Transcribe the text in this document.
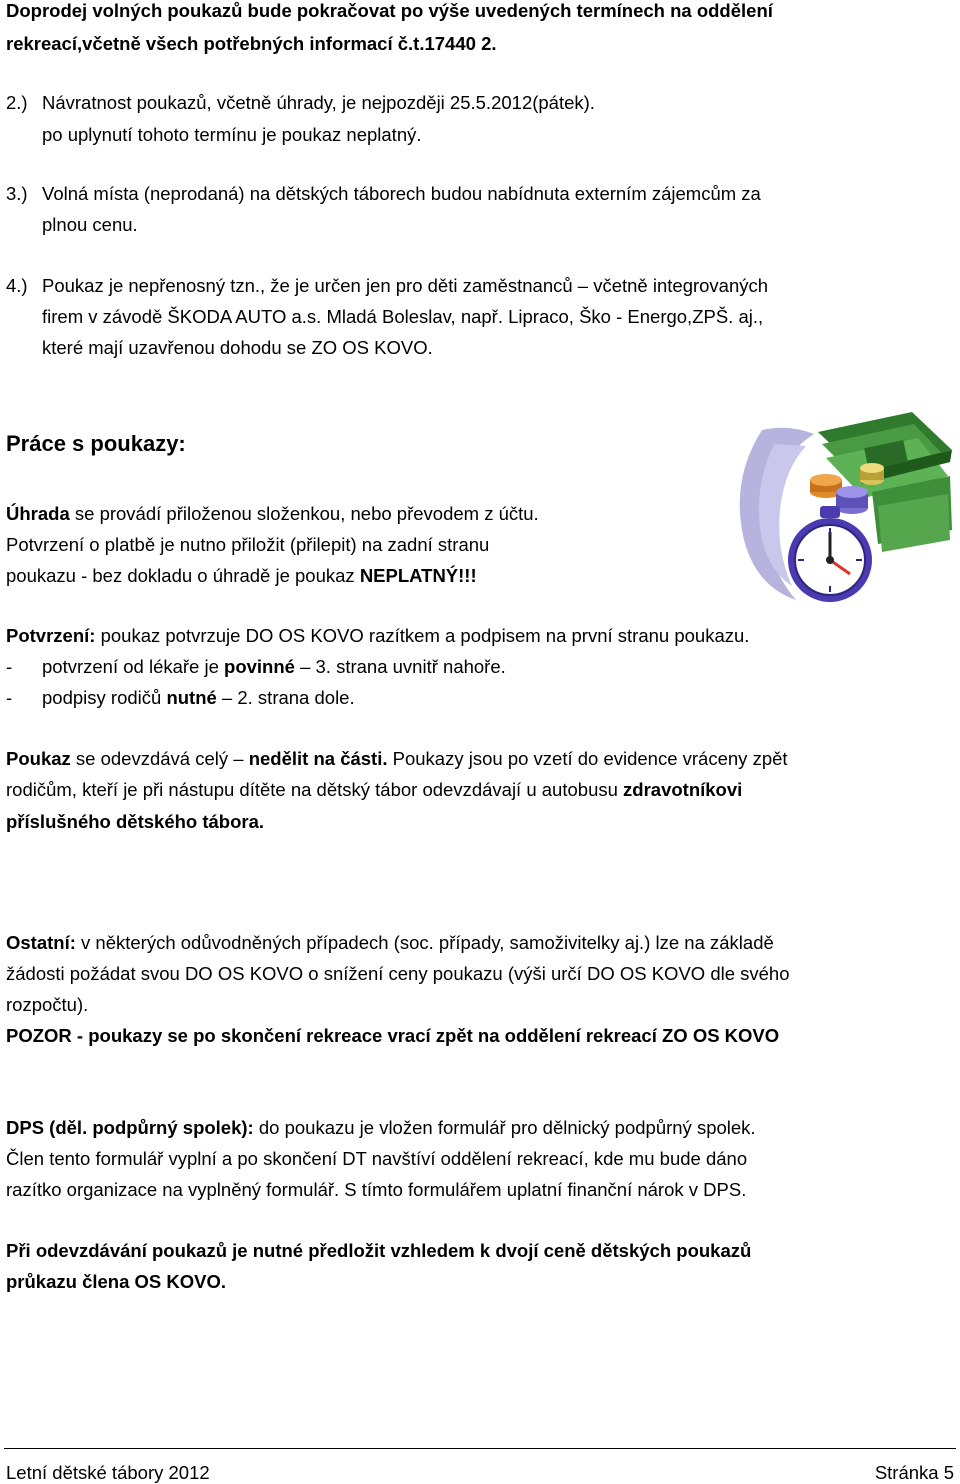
Doprodej volných poukazů bude pokračovat po výše uvedených termínech na oddělení
rekreací,včetně všech potřebných informací č.t.17440 2.
2.) Návratnost poukazů, včetně úhrady, je nejpozději 25.5.2012(pátek).
po uplynutí tohoto termínu je poukaz neplatný.
3.) Volná místa (neprodaná) na dětských táborech budou nabídnuta externím zájemcům za
plnou cenu.
4.) Poukaz je nepřenosný tzn., že je určen jen pro děti zaměstnanců – včetně integrovaných
firem v závodě ŠKODA AUTO a.s. Mladá Boleslav, např. Lipraco, Ško - Energo,ZPŠ. aj.,
které mají uzavřenou dohodu se ZO OS KOVO.
Práce s poukazy:
Úhrada se provádí přiloženou složenkou, nebo převodem z účtu.
Potvrzení o platbě je nutno přiložit (přilepit) na zadní stranu
poukazu - bez dokladu o úhradě je poukaz NEPLATNÝ!!!
Potvrzení: poukaz potvrzuje DO OS KOVO razítkem a podpisem na první stranu poukazu.
- potvrzení od lékaře je povinné – 3. strana uvnitř nahoře.
- podpisy rodičů nutné – 2. strana dole.
Poukaz se odevzdává celý – nedělit na části. Poukazy jsou po vzetí do evidence vráceny zpět
rodičům, kteří je při nástupu dítěte na dětský tábor odevzdávají u autobusu zdravotníkovi
příslušného dětského tábora.
Ostatní: v některých odůvodněných případech (soc. případy, samoživitelky aj.) lze na základě
žádosti požádat svou DO OS KOVO o snížení ceny poukazu (výši určí DO OS KOVO dle svého
rozpočtu).
POZOR - poukazy se po skončení rekreace vrací zpět na oddělení rekreací ZO OS KOVO
DPS (děl. podpůrný spolek): do poukazu je vložen formulář pro dělnický podpůrný spolek.
Člen tento formulář vyplní a po skončení DT navštíví oddělení rekreací, kde mu bude dáno
razítko organizace na vyplněný formulář. S tímto formulářem uplatní finanční nárok v DPS.
Při odevzdávání poukazů je nutné předložit vzhledem k dvojí ceně dětských poukazů
průkazu člena OS KOVO.
Letní dětské tábory 2012	Stránka 5
